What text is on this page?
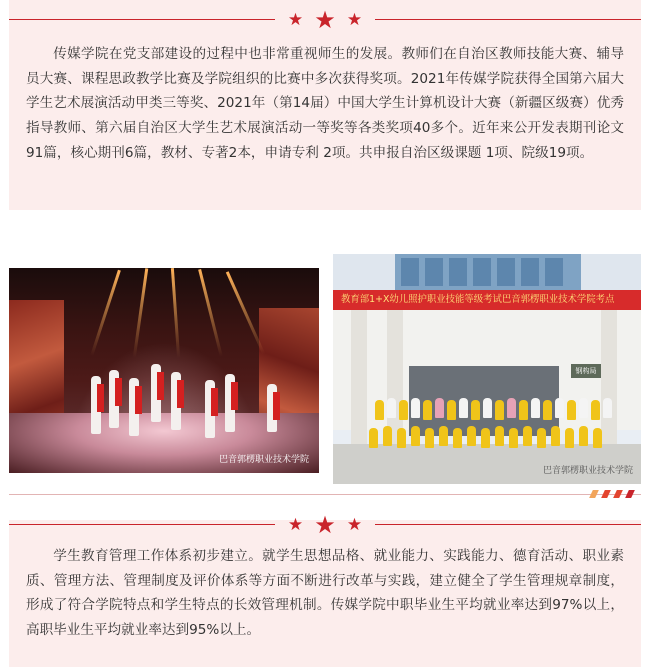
★ ★ ★

传媒学院在党支部建设的过程中也非常重视师生的发展。教师们在自治区教师技能大赛、辅导员大赛、课程思政教学比赛及学院组织的比赛中多次获得奖项。2021年传媒学院获得全国第六届大学生艺术展演活动甲类三等奖、2021年（第14届）中国大学生计算机设计大赛（新疆区级赛）优秀指导教师、第六届自治区大学生艺术展演活动一等奖等各类奖项40多个。近年来公开发表期刊论文91篇，核心期刊6篇，教材、专著2本，申请专利 2项。共申报自治区级课题 1项、院级19项。

巴音郭楞职业技术学院
教育部1+X幼儿照护职业技能等级考试巴音郭楞职业技术学院考点
钢构局
巴音郭楞职业技术学院
★ ★ ★

学生教育管理工作体系初步建立。就学生思想品格、就业能力、实践能力、德育活动、职业素质、管理方法、管理制度及评价体系等方面不断进行改革与实践，建立健全了学生管理规章制度，形成了符合学院特点和学生特点的长效管理机制。传媒学院中职毕业生平均就业率达到97%以上，高职毕业生平均就业率达到95%以上。
